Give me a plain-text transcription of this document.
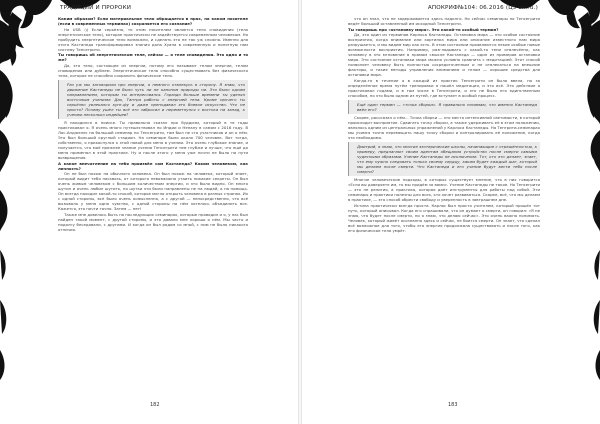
ТРАДИЦИИ И ПРОРОКИ

Каким образом? Если материальное тело обращается в прах, на каком носителе (если в современных терминах) сохраняется его сознание?

На USB :)) Если серьёзно, то этим носителем является тело сновидения (тело энергетическое тело), которое практически не задействуется современным человеком. Но пробудить энергетическое тело возможно, и сделать это не так уж сложно. Именно для этого Кастанеда транcформировал знания дона Хуана в современную и понятную нам систему Тенсегрити.

Ты говоришь об энергетическом теле, сейчас — о теле сновидения. Это одно и то же?

Да, это тело, состоящее из энергии, потому его называют телом энергии, телом сновидения или дублем. Энергетическое тело способно существовать без физического тела, которое не способно сохранить физическое тело.

Раз уж мы заговорили про энергии, я немного отвлекусь в сторону. Я знаю, что движение Кастанеды не было чуть ли не каноном природы ни. Это было одним направлением, которым ты интересовался. Гораздо больше времени ты уделял восточным учениям: Дао, Тантра работы с энергией тела. Кроме прочего ты серьёзно увлекался кунг-фу и даже преподавал это боевое искусство. Что не просто? Почему ушёл ты всё это забросил и переметнулся с востока на запад, к учению несколько индейцев?

Я находился в поиске. Ты правильно сказал про буддизм, который в те годы практиковал я. Я очень много путешествовал по Индии и Непалу в самом с 2016 году. В Лос-Анджелес на большой семинар по Тенсегрити, там был не сто участников и он о нём. Это был большой круглый стадион. На семинаре было около 700 человек. Вот тогда, собственно, я прикоснулся к этой новой для меня в учении. Это очень глубокое знание, и получается, что моё прежнее знание учения Тенсегрити тем глубже и лучше, что ещё до меня применял в этой практике. Ну и после этого у меня уже почти не было на пути возвращения.

А какое впечатление на тебя произвёл сам Кастанеда? Каким человеком, как личность?

Он не был похож на обычного человека. Он был похож на человека, который знает, который видит тебя насквозь, от которого невозможно утаить никакие секреты. Он был очень живым человеком с большим количеством энергии, и это было видно. Он много шутил и очень любил шутить, но шутки эти были направлены не на людей, а на помощь. Он всегда находил какой-то способ, которое могло открыть человека в разных странах. Их с одной стороны, всё было очень осмысленно, а с другой — непосредственно, что всё вызывало у меня одно чувство, с одной стороны на нём хотелось объединить все. Кажется, это почти точно. Затем — нет!

Также мне довелось быть на последующих семинарах, которые проводил и я, у нас был найден такой момент, с другой стороны, и это давало мне хорошо о нём. Мы часто и подолгу беседовали, с другими. И когда он был рядом со мной, с ним не было никакого отличия.

182
АПОКРИФ№104: 06.2016 (Ц5 zn.ru.)

что он знал, что не задерживается здесь надолго. Но сейчас семинары по Тенсегрити ведёт большой оставленный им исходный Тенсегрити.

Ты говоришь про «остановку мира». Это какой-то особый термин?

Да, это один из терминов Карлоса Кастанеды. Остановка мира — это особое состояние восприятия, когда внимание или картинка мира или описание известного нам мира разрушается, и мы видим мир как есть. В этом состоянии проявляются некие особые новые возможности восприятия. Например, разглядывать с какой-то тени отвлечённо, как человеку в это мгновение в прямом смысле Кастанеда — один из примеров остановки мира. Это состояние остановки мира можно условно сравнить с медитацией. Этот способ позволяет человеку быть полностью сосредоточенным и не отвлекаться на внешние факторы, и такие методы управления вниманием и телом — хорошие средства для остановки мира.

Когда-то в течение я в каждой из практик Тенсегрити он была ввела, но за определённое время путём тренировки я нашёл медитация, и это всё. Это действие я практиковал годами, и в том числе в Тенсегрити, и это не было его единственным способом, но это было одним из путей, где вступает в особый процесс.

Ещё один термин — «точка сборки». Я правильно понимаю, что именно Кастанеда ввёл его?

Скорее, рассказал о нём... Точка сборки — это место интенсивной светимости, в которой происходит восприятие. Сдвигать точку сборки, а также удерживать её в этом положении, являлось одним из центральных упражнений у Карлоса Кастанеды. На Тенгрити-семинарах мы учимся точно перемещать нашу точку сборки и контролировать её положение, когда это необходимо.

Дмитрий, я знаю, что многие эзотерические школы, начинающие с отрешённостью, к примеру, предлагают своим адептам обещания устройство после смерти самыми чудесными образами. Учение Кастанеды не исключение. Тот, кто это делает, знает, что ему нужно следовать только своему сердцу, каким будет каждый шаг, который мы делаем после смерти. Что Кастанеда и его учение будут вести тебя после смерти?

Многие человеческие подходы, в которых существует мнение, что в них говорится «Если вы доверяете им, то мы придём за вами». Учение Кастанеды не такое. Но Тенсегрити — это не религия, а практика, которая даёт инструменты для работы над собой. Эти семинары и практики полезны для всех, кто хочет развиваться. Скорее, всё, что мы делаем в практике, — это способ обрести свободу и уверенность в завтрашнем дне.

Истина практически всегда проста. Карлос был просто учителем, который прошёл тот путь, который описывал. Когда его спрашивали, что он думает о смерти, он говорил: «Я не знаю, что будет после смерти, но я знаю, что делаю сейчас». Это очень важно понимать. Человек, который живёт осознанно здесь и сейчас, не боится смерти. Он знает, что сделал всё возможное для того, чтобы его энергия продолжала существовать и после того, как его физическое тело умрёт.

183
